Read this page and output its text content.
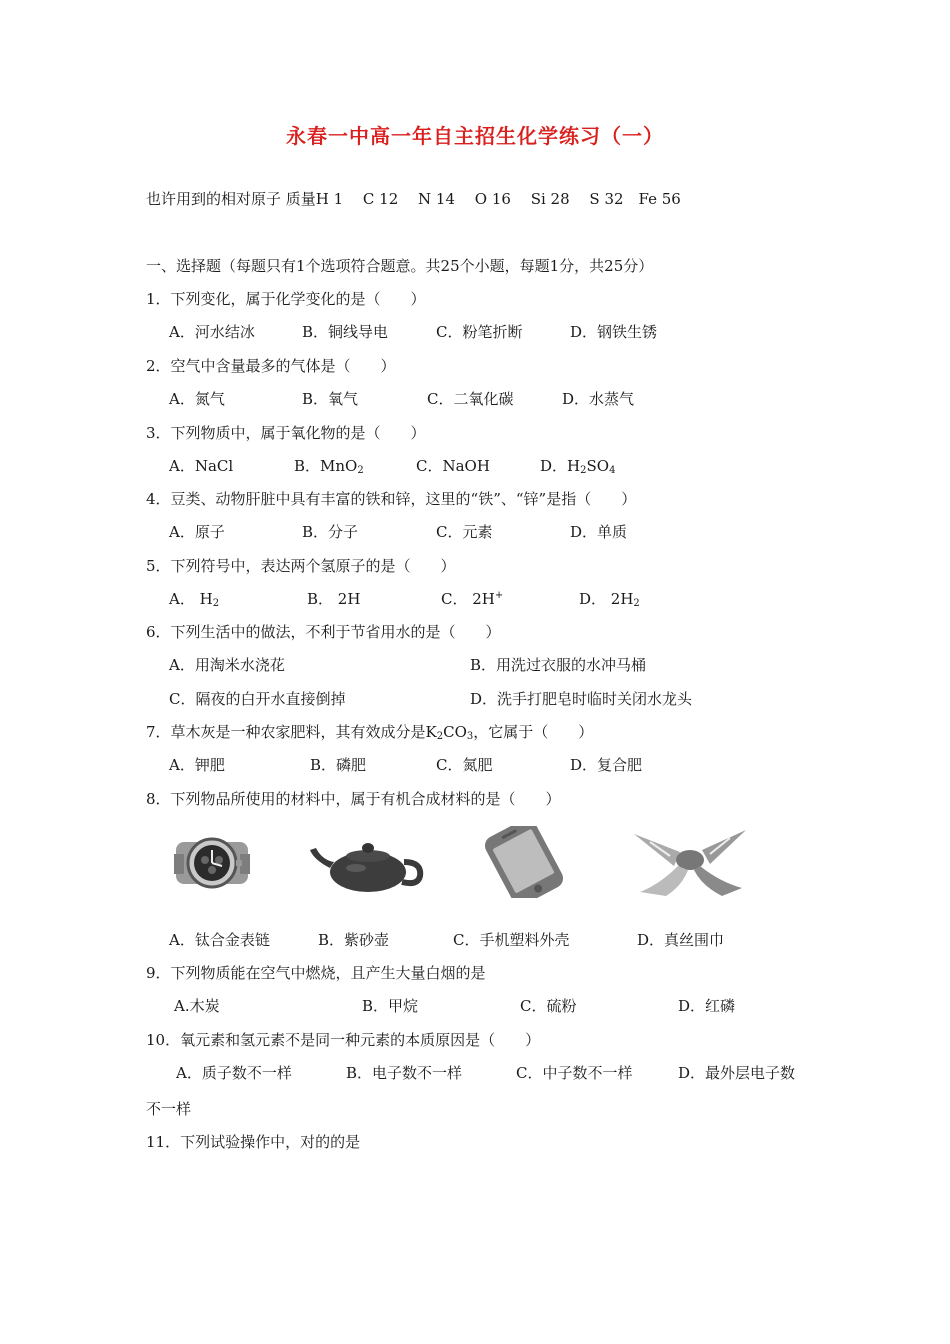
永春一中高一年自主招生化学练习（一）
也许用到的相对原子 质量H 1　 C 12　 N 14　 O 16　 Si 28　 S 32　Fe 56
一、选择题（每题只有1个选项符合题意。共25个小题，每题1分，共25分）
1．下列变化，属于化学变化的是（　　）
A．河水结冰	B．铜线导电	C．粉笔折断	D．钢铁生锈
2．空气中含量最多的气体是（　　）
A．氮气	B．氧气	C．二氧化碳	D．水蒸气
3．下列物质中，属于氧化物的是（　　）
A．NaCl	B．MnO$_2$	C．NaOH	D．$H_2SO_4$
4．豆类、动物肝脏中具有丰富的铁和锌，这里的“铁”、“锌”是指（　　）
A．原子	B．分子	C．元素	D．单质
5．下列符号中，表达两个氢原子的是（　　）
A． $H_2$	B． 2H	C． 2H+	D． $2H_2$
6．下列生活中的做法，不利于节省用水的是（　　）
A．用淘米水浇花	B．用洗过衣服的水冲马桶
C．隔夜的白开水直接倒掉	D．洗手打肥皂时临时关闭水龙头
7．草木灰是一种农家肥料，其有效成分是$K_2CO_3$，它属于（　　）
A．钾肥	B．磷肥	C．氮肥	D．复合肥
8．下列物品所使用的材料中，属于有机合成材料的是（　　）
A．钛合金表链	B．紫砂壶	C．手机塑料外壳	D．真丝围巾
9．下列物质能在空气中燃烧，且产生大量白烟的是
A.木炭	B．甲烷	C．硫粉	D．红磷
10．氧元素和氢元素不是同一种元素的本质原因是（　　）
A．质子数不一样	B．电子数不一样	C．中子数不一样	D．最外层电子数
不一样
11．下列试验操作中，对的的是
